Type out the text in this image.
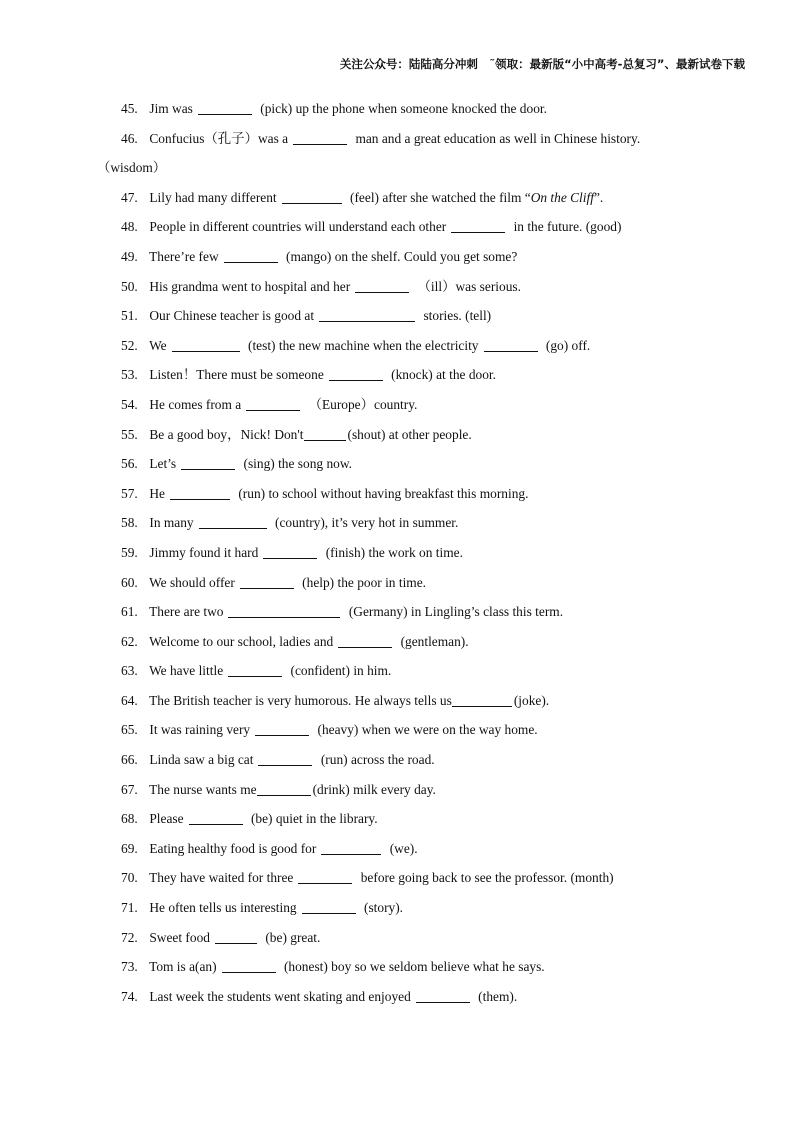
关注公众号：陆陆高分冲刺　˜领取：最新版“小中高考-总复习”、最新试卷下载
45. Jim was	(pick) up the phone when someone knocked the door.
46. Confucius（孔子）was a	man and a great education as well in Chinese history.
（wisdom）
47. Lily had many different	(feel) after she watched the film “On the Cliff”.
48. People in different countries will understand each other	in the future. (good)
49. There’re few	(mango) on the shelf. Could you get some?
50. His grandma went to hospital and her	（ill）was serious.
51. Our Chinese teacher is good at	stories. (tell)
52. We	(test) the new machine when the electricity	(go) off.
53. Listen！There must be someone	(knock) at the door.
54. He comes from a	（Europe）country.
55. Be a good boy，Nick! Don't	(shout) at other people.
56. Let’s	(sing) the song now.
57. He	(run) to school without having breakfast this morning.
58. In many	(country), it’s very hot in summer.
59. Jimmy found it hard	(finish) the work on time.
60. We should offer	(help) the poor in time.
61. There are two	(Germany) in Lingling’s class this term.
62. Welcome to our school, ladies and	(gentleman).
63. We have little	(confident) in him.
64. The British teacher is very humorous. He always tells us	(joke).
65. It was raining very	(heavy) when we were on the way home.
66. Linda saw a big cat	(run) across the road.
67. The nurse wants me	(drink) milk every day.
68. Please	(be) quiet in the library.
69. Eating healthy food is good for	(we).
70. They have waited for three	before going back to see the professor. (month)
71. He often tells us interesting	(story).
72. Sweet food	(be) great.
73. Tom is a(an)	(honest) boy so we seldom believe what he says.
74. Last week the students went skating and enjoyed	(them).
